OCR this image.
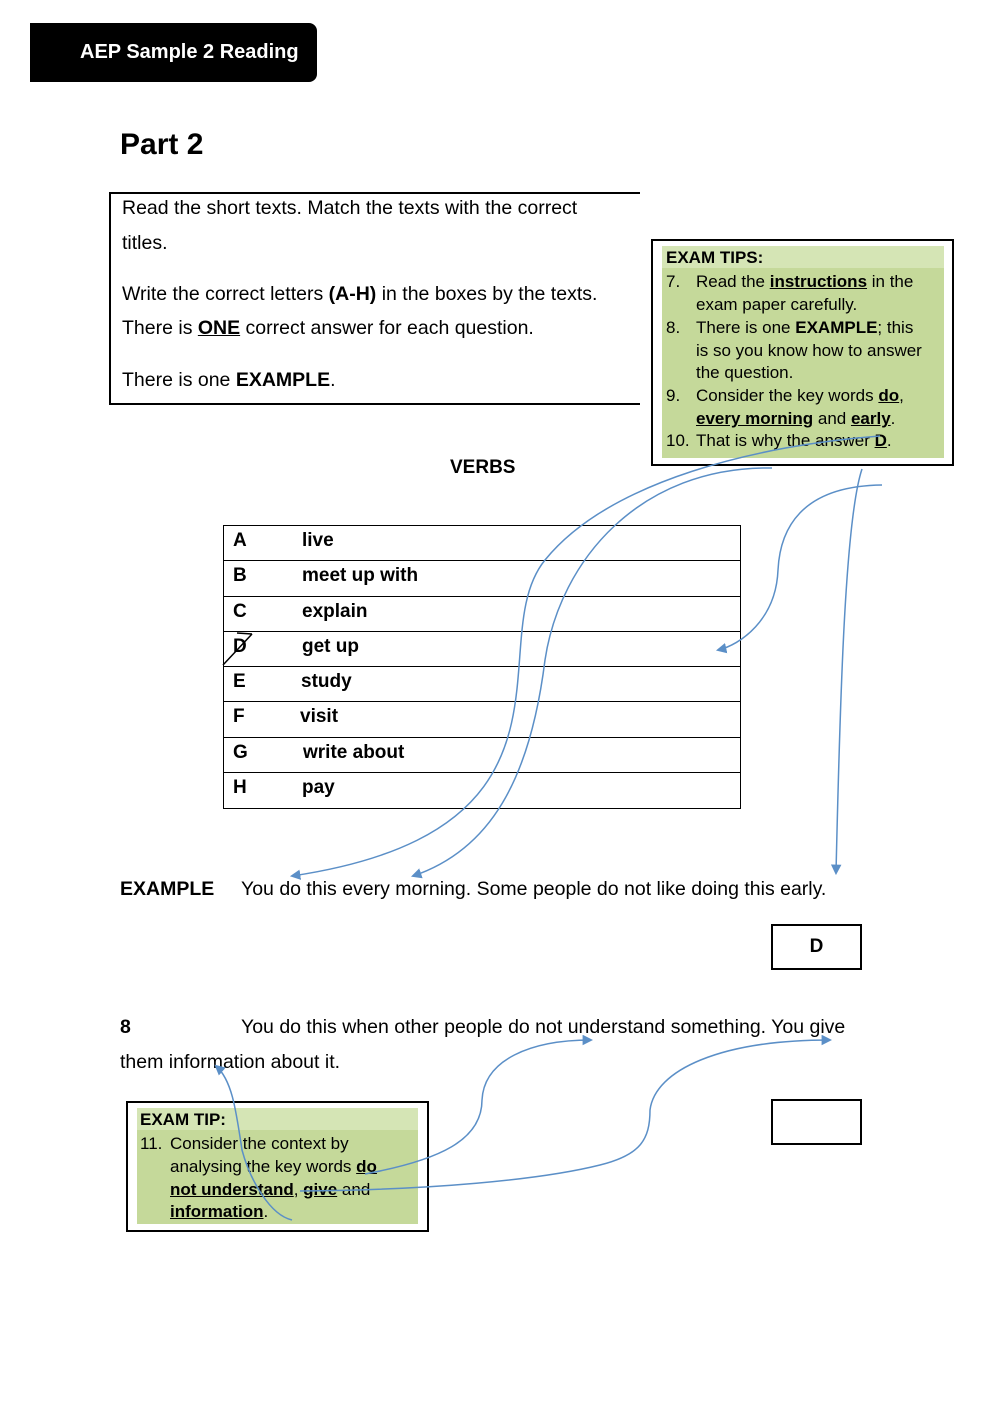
AEP Sample 2 Reading
Part 2
Read the short texts. Match the texts with the correct
titles.
Write the correct letters (A-H) in the boxes by the texts.
There is ONE correct answer for each question.
There is one EXAMPLE.
EXAM TIPS:
7. Read the instructions in the
exam paper carefully.
8. There is one EXAMPLE; this
is so you know how to answer
the question.
9. Consider the key words do,
every morning and early.
10. That is why the answer D.
VERBS
A	live
B	meet up with
C	explain
D	get up
E	study
F	visit
G	write about
H	pay
EXAMPLE You do this every morning. Some people do not like doing this early.
D
8	You do this when other people do not understand something. You give
them information about it.
EXAM TIP:
11. Consider the context by
analysing the key words do
not understand, give and
information.
